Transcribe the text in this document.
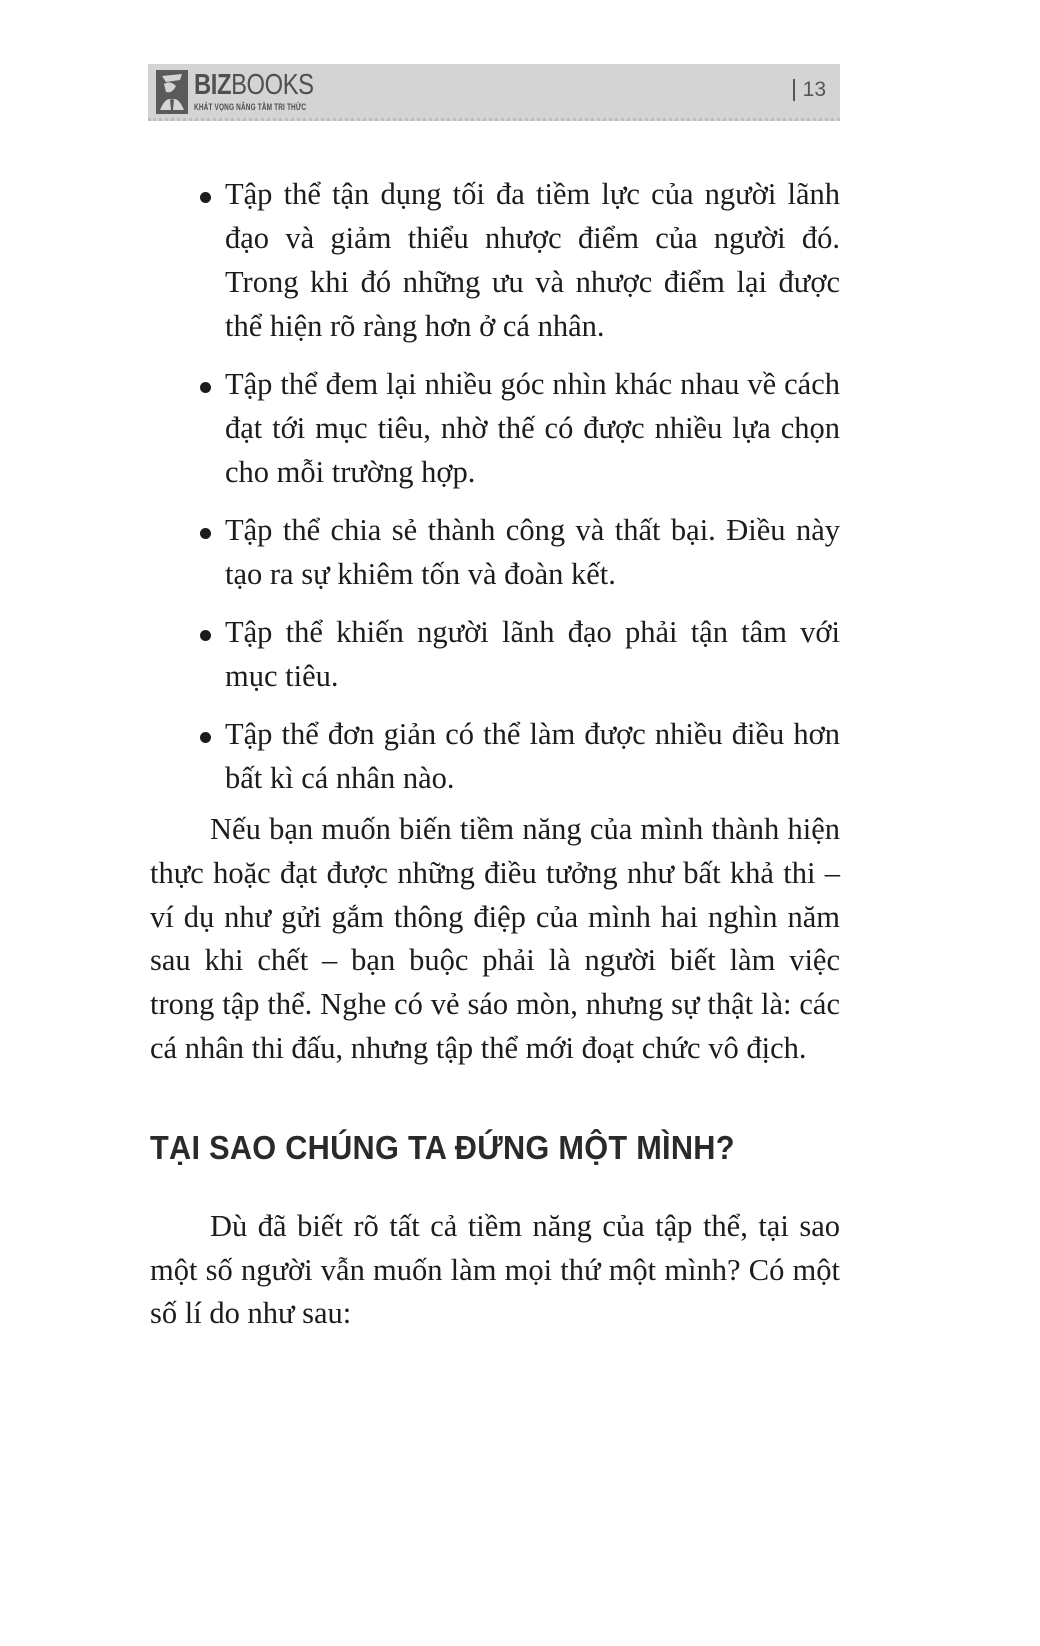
BIZBOOKS
KHÁT VỌNG NÂNG TẦM TRI THỨC
13
Tập thể tận dụng tối đa tiềm lực của người lãnh đạo và giảm thiểu nhược điểm của người đó. Trong khi đó những ưu và nhược điểm lại được thể hiện rõ ràng hơn ở cá nhân.
Tập thể đem lại nhiều góc nhìn khác nhau về cách đạt tới mục tiêu, nhờ thế có được nhiều lựa chọn cho mỗi trường hợp.
Tập thể chia sẻ thành công và thất bại. Điều này tạo ra sự khiêm tốn và đoàn kết.
Tập thể khiến người lãnh đạo phải tận tâm với mục tiêu.
Tập thể đơn giản có thể làm được nhiều điều hơn bất kì cá nhân nào.

Nếu bạn muốn biến tiềm năng của mình thành hiện thực hoặc đạt được những điều tưởng như bất khả thi – ví dụ như gửi gắm thông điệp của mình hai nghìn năm sau khi chết – bạn buộc phải là người biết làm việc trong tập thể. Nghe có vẻ sáo mòn, nhưng sự thật là: các cá nhân thi đấu, nhưng tập thể mới đoạt chức vô địch.

TẠI SAO CHÚNG TA ĐỨNG MỘT MÌNH?

Dù đã biết rõ tất cả tiềm năng của tập thể, tại sao một số người vẫn muốn làm mọi thứ một mình? Có một số lí do như sau:
